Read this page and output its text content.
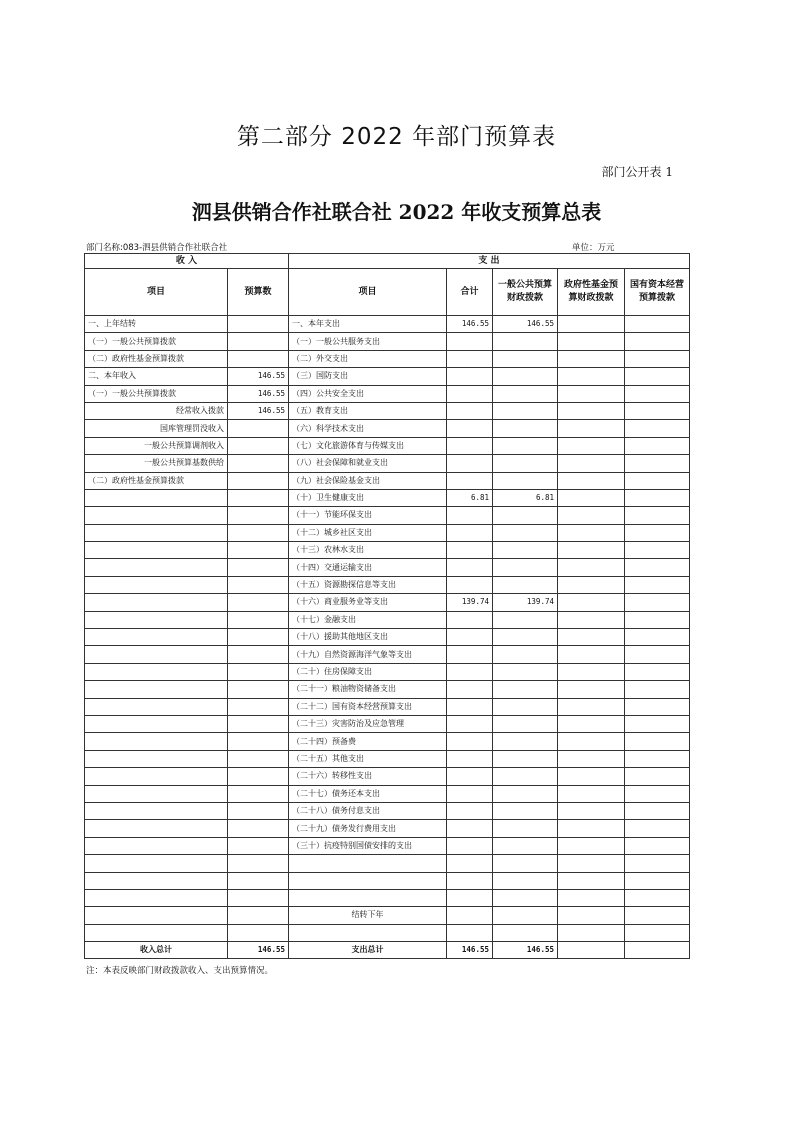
第二部分 2022 年部门预算表
部门公开表 1
泗县供销合作社联合社 2022 年收支预算总表
部门名称:083-泗县供销合作社联合社	单位：万元
收 入		支 出				
项目	预算数	项目	合计	一般公共预算财政拨款	政府性基金预算财政拨款	国有资本经营预算拨款
一、上年结转		一、本年支出	146.55	146.55		
（一）一般公共预算拨款		（一）一般公共服务支出				
（二）政府性基金预算拨款		（二）外交支出				
二、本年收入	146.55	（三）国防支出				
（一）一般公共预算拨款	146.55	（四）公共安全支出				
经常收入拨款	146.55	（五）教育支出				
国库管理罚没收入		（六）科学技术支出				
一般公共预算调剂收入		（七）文化旅游体育与传媒支出				
一般公共预算基数供给		（八）社会保障和就业支出				
（二）政府性基金预算拨款		（九）社会保险基金支出				
		（十）卫生健康支出	6.81	6.81		
		（十一）节能环保支出				
		（十二）城乡社区支出				
		（十三）农林水支出				
		（十四）交通运输支出				
		（十五）资源勘探信息等支出				
		（十六）商业服务业等支出	139.74	139.74		
		（十七）金融支出				
		（十八）援助其他地区支出				
		（十九）自然资源海洋气象等支出				
		（二十）住房保障支出				
		（二十一）粮油物资储备支出				
		（二十二）国有资本经营预算支出				
		（二十三）灾害防治及应急管理				
		（二十四）预备费				
		（二十五）其他支出				
		（二十六）转移性支出				
		（二十七）债务还本支出				
		（二十八）债务付息支出				
		（二十九）债务发行费用支出				
		（三十）抗疫特别国债安排的支出				

		结转下年				

收入总计	146.55	支出总计	146.55	146.55		
注：本表反映部门财政拨款收入、支出预算情况。
